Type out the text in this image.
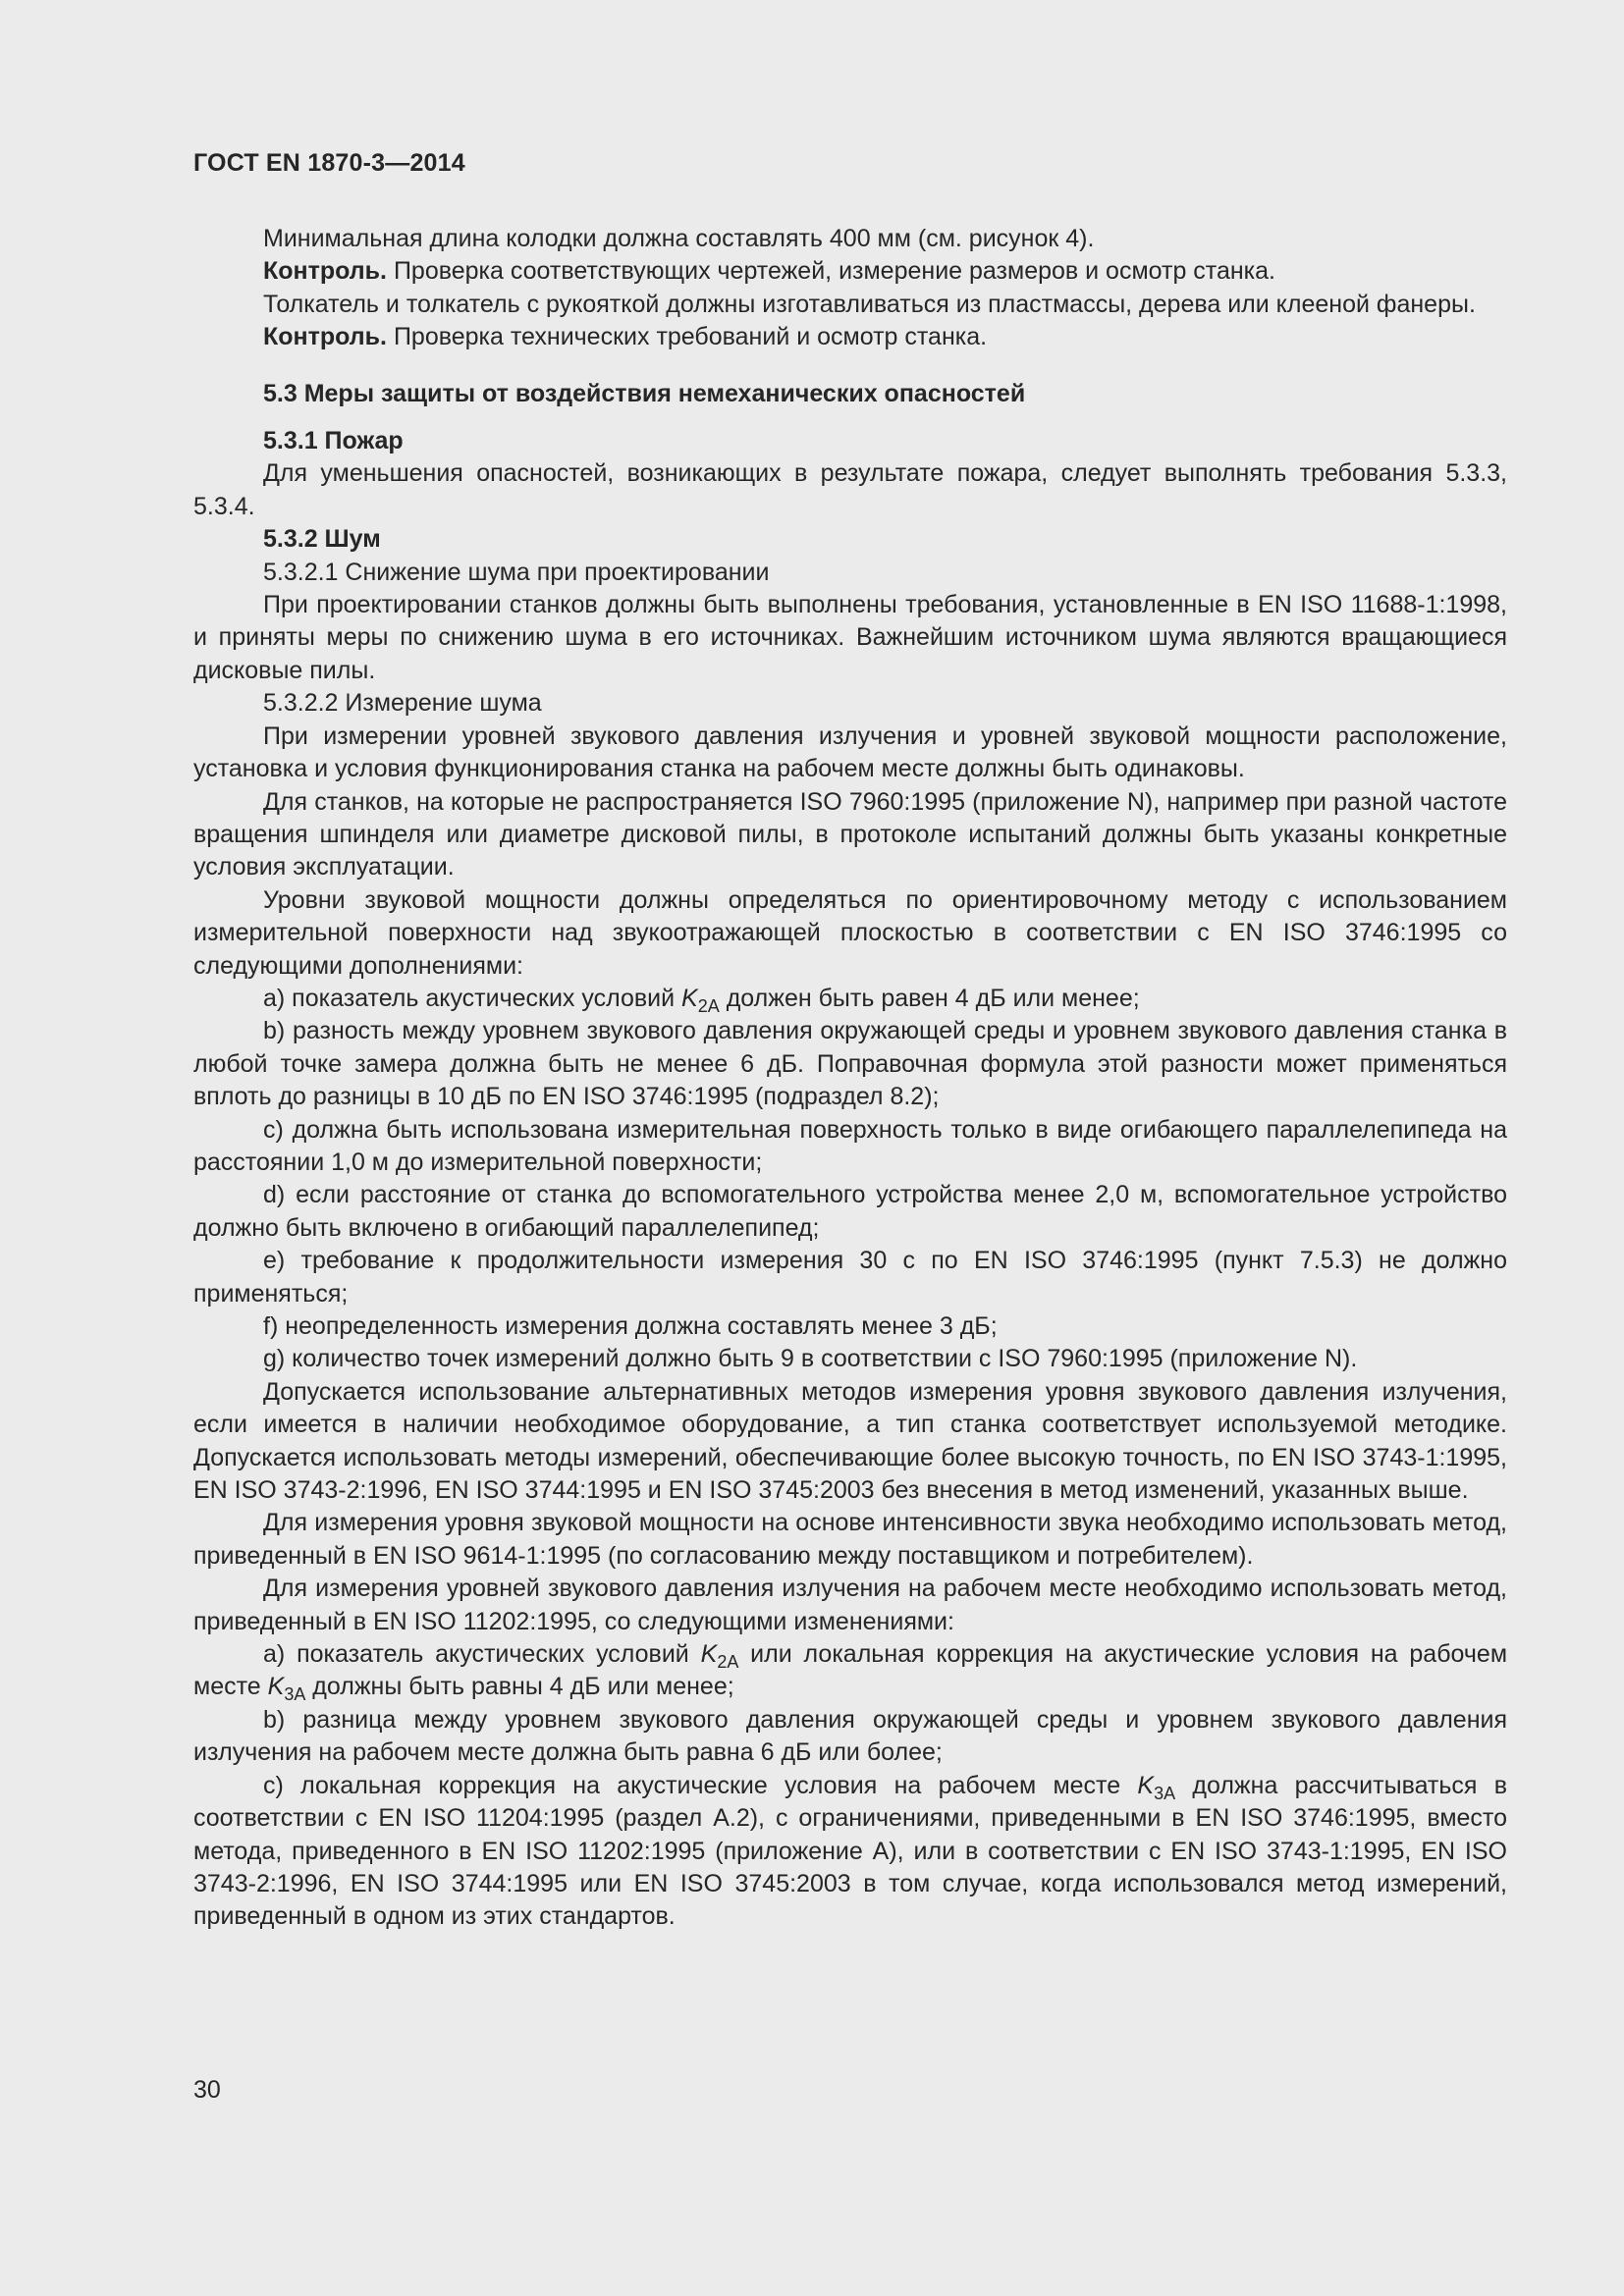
ГОСТ EN 1870-3—2014

Минимальная длина колодки должна составлять 400 мм (см. рисунок 4).

Контроль. Проверка соответствующих чертежей, измерение размеров и осмотр станка.

Толкатель и толкатель с рукояткой должны изготавливаться из пластмассы, дерева или клееной фанеры.

Контроль. Проверка технических требований и осмотр станка.

5.3 Меры защиты от воздействия немеханических опасностей

5.3.1 Пожар

Для уменьшения опасностей, возникающих в результате пожара, следует выполнять требования 5.3.3, 5.3.4.

5.3.2 Шум

5.3.2.1 Снижение шума при проектировании

При проектировании станков должны быть выполнены требования, установленные в EN ISO 11688-1:1998, и приняты меры по снижению шума в его источниках. Важнейшим источником шума являются вращающиеся дисковые пилы.

5.3.2.2 Измерение шума

При измерении уровней звукового давления излучения и уровней звуковой мощности расположение, установка и условия функционирования станка на рабочем месте должны быть одинаковы.

Для станков, на которые не распространяется ISO 7960:1995 (приложение N), например при разной частоте вращения шпинделя или диаметре дисковой пилы, в протоколе испытаний должны быть указаны конкретные условия эксплуатации.

Уровни звуковой мощности должны определяться по ориентировочному методу с использованием измерительной поверхности над звукоотражающей плоскостью в соответствии с EN ISO 3746:1995 со следующими дополнениями:

a) показатель акустических условий $K_{2A}$ должен быть равен 4 дБ или менее;

b) разность между уровнем звукового давления окружающей среды и уровнем звукового давления станка в любой точке замера должна быть не менее 6 дБ. Поправочная формула этой разности может применяться вплоть до разницы в 10 дБ по EN ISO 3746:1995 (подраздел 8.2);

c) должна быть использована измерительная поверхность только в виде огибающего параллелепипеда на расстоянии 1,0 м до измерительной поверхности;

d) если расстояние от станка до вспомогательного устройства менее 2,0 м, вспомогательное устройство должно быть включено в огибающий параллелепипед;

e) требование к продолжительности измерения 30 с по EN ISO 3746:1995 (пункт 7.5.3) не должно применяться;

f) неопределенность измерения должна составлять менее 3 дБ;

g) количество точек измерений должно быть 9 в соответствии с ISO 7960:1995 (приложение N).

Допускается использование альтернативных методов измерения уровня звукового давления излучения, если имеется в наличии необходимое оборудование, а тип станка соответствует используемой методике. Допускается использовать методы измерений, обеспечивающие более высокую точность, по EN ISO 3743-1:1995, EN ISO 3743-2:1996, EN ISO 3744:1995 и EN ISO 3745:2003 без внесения в метод изменений, указанных выше.

Для измерения уровня звуковой мощности на основе интенсивности звука необходимо использовать метод, приведенный в EN ISO 9614-1:1995 (по согласованию между поставщиком и потребителем).

Для измерения уровней звукового давления излучения на рабочем месте необходимо использовать метод, приведенный в EN ISO 11202:1995, со следующими изменениями:

a) показатель акустических условий $K_{2A}$ или локальная коррекция на акустические условия на рабочем месте $K_{3A}$ должны быть равны 4 дБ или менее;

b) разница между уровнем звукового давления окружающей среды и уровнем звукового давления излучения на рабочем месте должна быть равна 6 дБ или более;

c) локальная коррекция на акустические условия на рабочем месте $K_{3A}$ должна рассчитываться в соответствии с EN ISO 11204:1995 (раздел А.2), с ограничениями, приведенными в EN ISO 3746:1995, вместо метода, приведенного в EN ISO 11202:1995 (приложение А), или в соответствии с EN ISO 3743-1:1995, EN ISO 3743-2:1996, EN ISO 3744:1995 или EN ISO 3745:2003 в том случае, когда использовался метод измерений, приведенный в одном из этих стандартов.

30
